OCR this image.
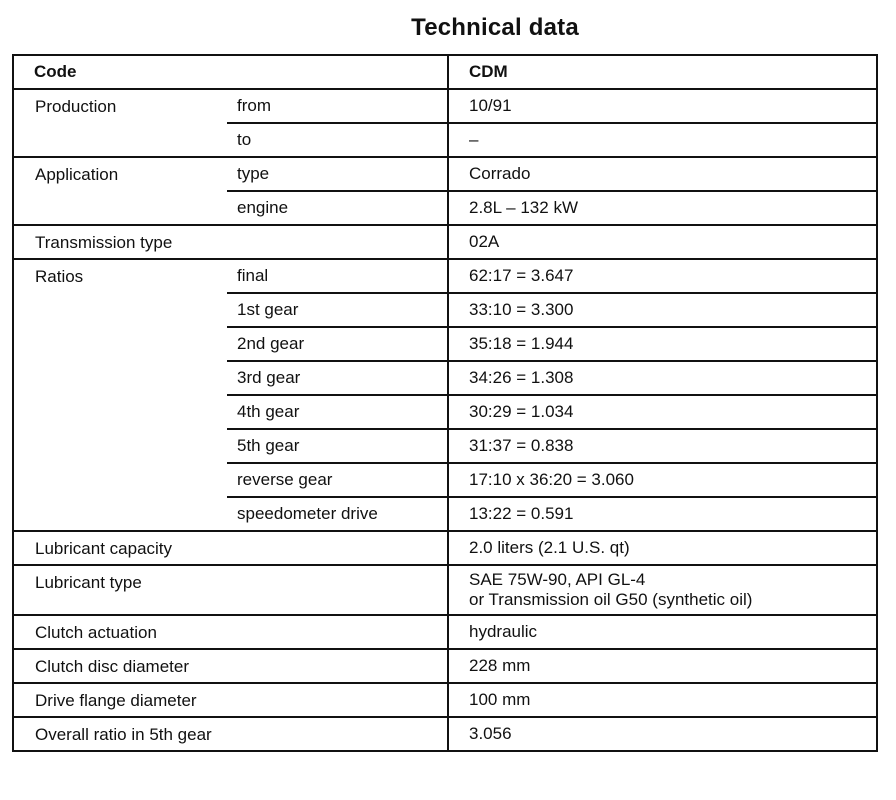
Technical data
Code		CDM
Production	from	10/91
	to	–
Application	type	Corrado
	engine	2.8L – 132 kW
Transmission type		02A
Ratios	final	62:17 = 3.647
	1st gear	33:10 = 3.300
	2nd gear	35:18 = 1.944
	3rd gear	34:26 = 1.308
	4th gear	30:29 = 1.034
	5th gear	31:37 = 0.838
	reverse gear	17:10 x 36:20 = 3.060
	speedometer drive	13:22 = 0.591
Lubricant capacity		2.0 liters (2.1 U.S. qt)
Lubricant type		SAE 75W-90, API GL-4
or Transmission oil G50 (synthetic oil)

Clutch actuation		hydraulic
Clutch disc diameter		228 mm
Drive flange diameter		100 mm
Overall ratio in 5th gear		3.056
